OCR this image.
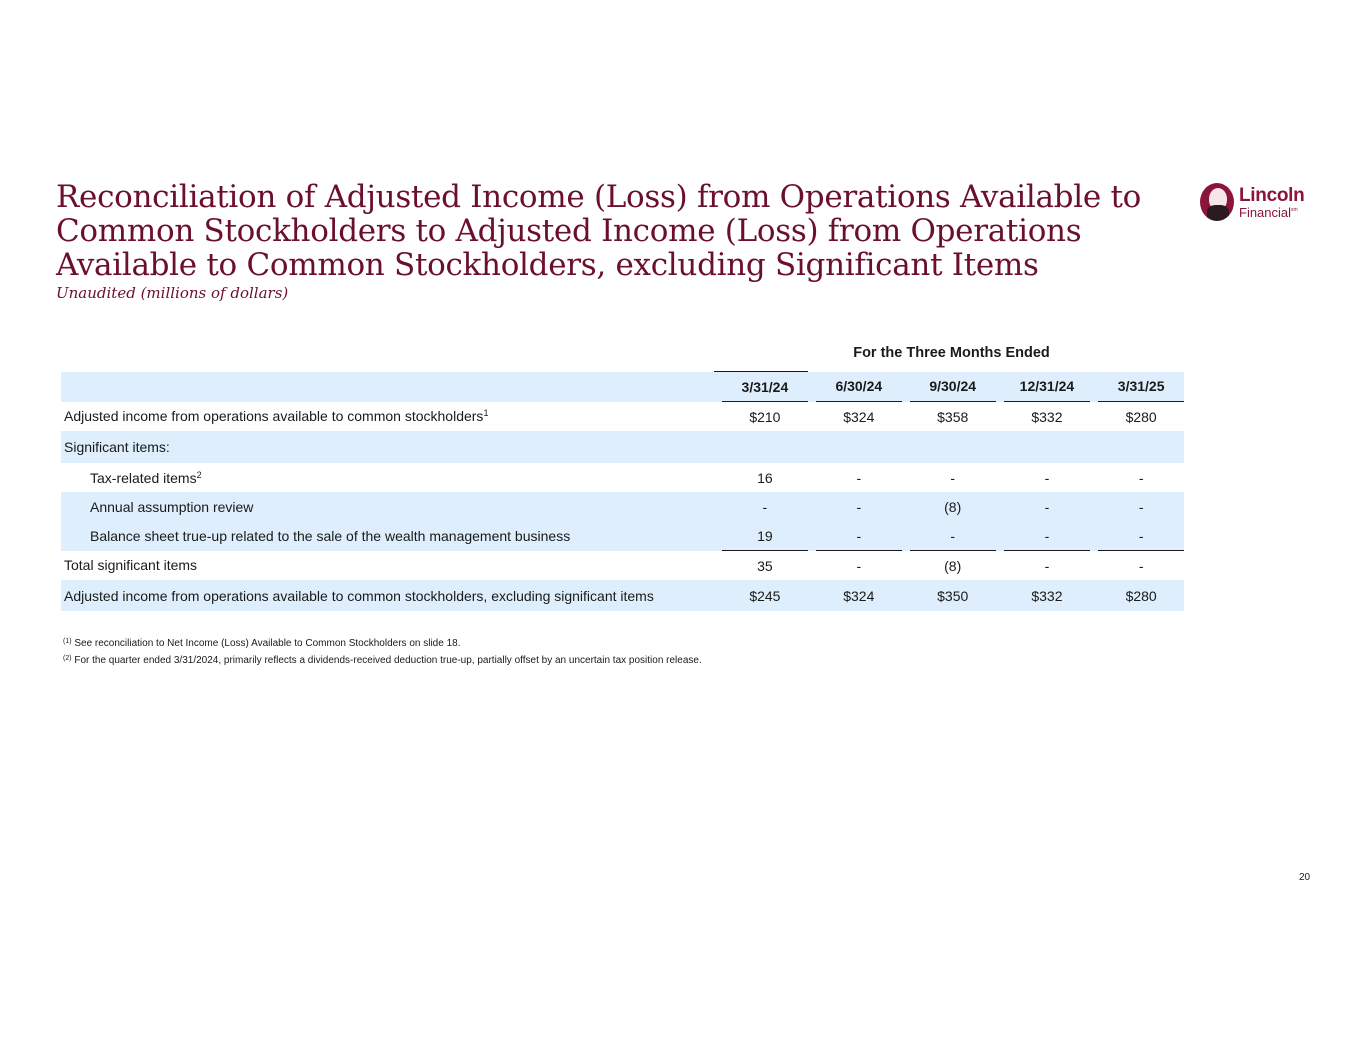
Reconciliation of Adjusted Income (Loss) from Operations Available to Common Stockholders to Adjusted Income (Loss) from Operations Available to Common Stockholders, excluding Significant Items
Unaudited (millions of dollars)
Lincoln
Financial$^{sm}$
For the Three Months Ended
		3/31/24		6/30/24		9/30/24		12/31/24		3/31/25
Adjusted income from operations available to common stockholders$^1$		$210		$324		$358		$332		$280
Significant items:										
Tax-related items$^2$		16		-		-		-		-
Annual assumption review		-		-		(8)		-		-
Balance sheet true-up related to the sale of the wealth management business		19		-		-		-		-
Total significant items		35		-		(8)		-		-
Adjusted income from operations available to common stockholders, excluding significant items		$245		$324		$350		$332		$280
$^{(1)}$ See reconciliation to Net Income (Loss) Available to Common Stockholders on slide 18.
$^{(2)}$ For the quarter ended 3/31/2024, primarily reflects a dividends-received deduction true-up, partially offset by an uncertain tax position release.
20
